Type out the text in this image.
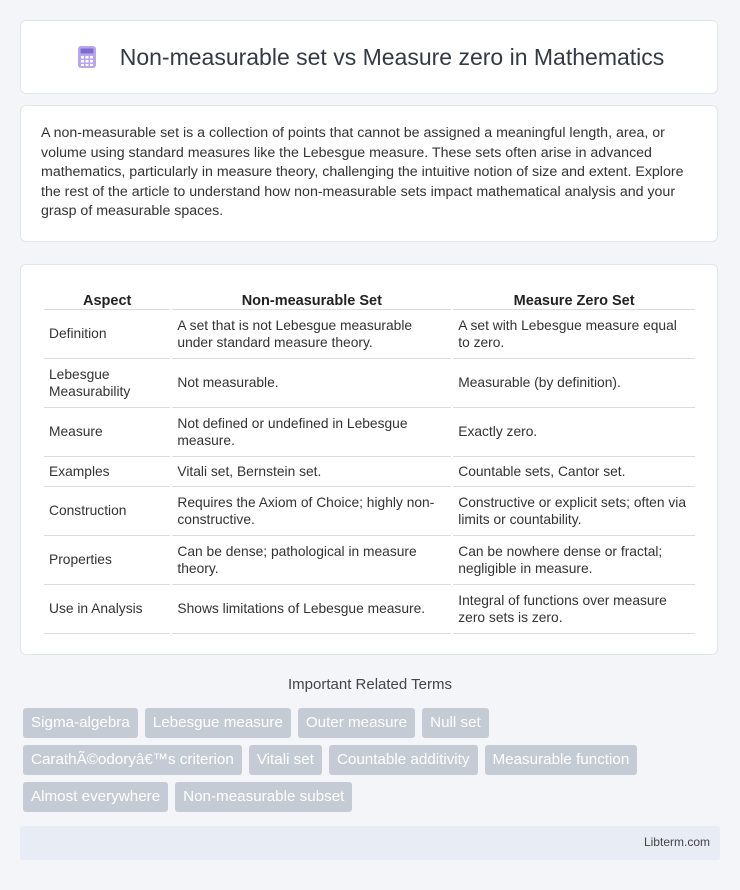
Non-measurable set vs Measure zero in Mathematics

A non-measurable set is a collection of points that cannot be assigned a meaningful length, area, or volume using standard measures like the Lebesgue measure. These sets often arise in advanced mathematics, particularly in measure theory, challenging the intuitive notion of size and extent. Explore the rest of the article to understand how non-measurable sets impact mathematical analysis and your grasp of measurable spaces.

Aspect	Non-measurable Set	Measure Zero Set
Definition	A set that is not Lebesgue measurable under standard measure theory.	A set with Lebesgue measure equal to zero.
Lebesgue Measurability	Not measurable.	Measurable (by definition).
Measure	Not defined or undefined in Lebesgue measure.	Exactly zero.
Examples	Vitali set, Bernstein set.	Countable sets, Cantor set.
Construction	Requires the Axiom of Choice; highly non-constructive.	Constructive or explicit sets; often via limits or countability.
Properties	Can be dense; pathological in measure theory.	Can be nowhere dense or fractal; negligible in measure.
Use in Analysis	Shows limitations of Lebesgue measure.	Integral of functions over measure zero sets is zero.
Important Related Terms
Sigma-algebra	Lebesgue measure	Outer measure	Null set
CarathÃ©odoryâ€™s criterion	Vitali set	Countable additivity	Measurable function
Almost everywhere	Non-measurable subset
Libterm.com
